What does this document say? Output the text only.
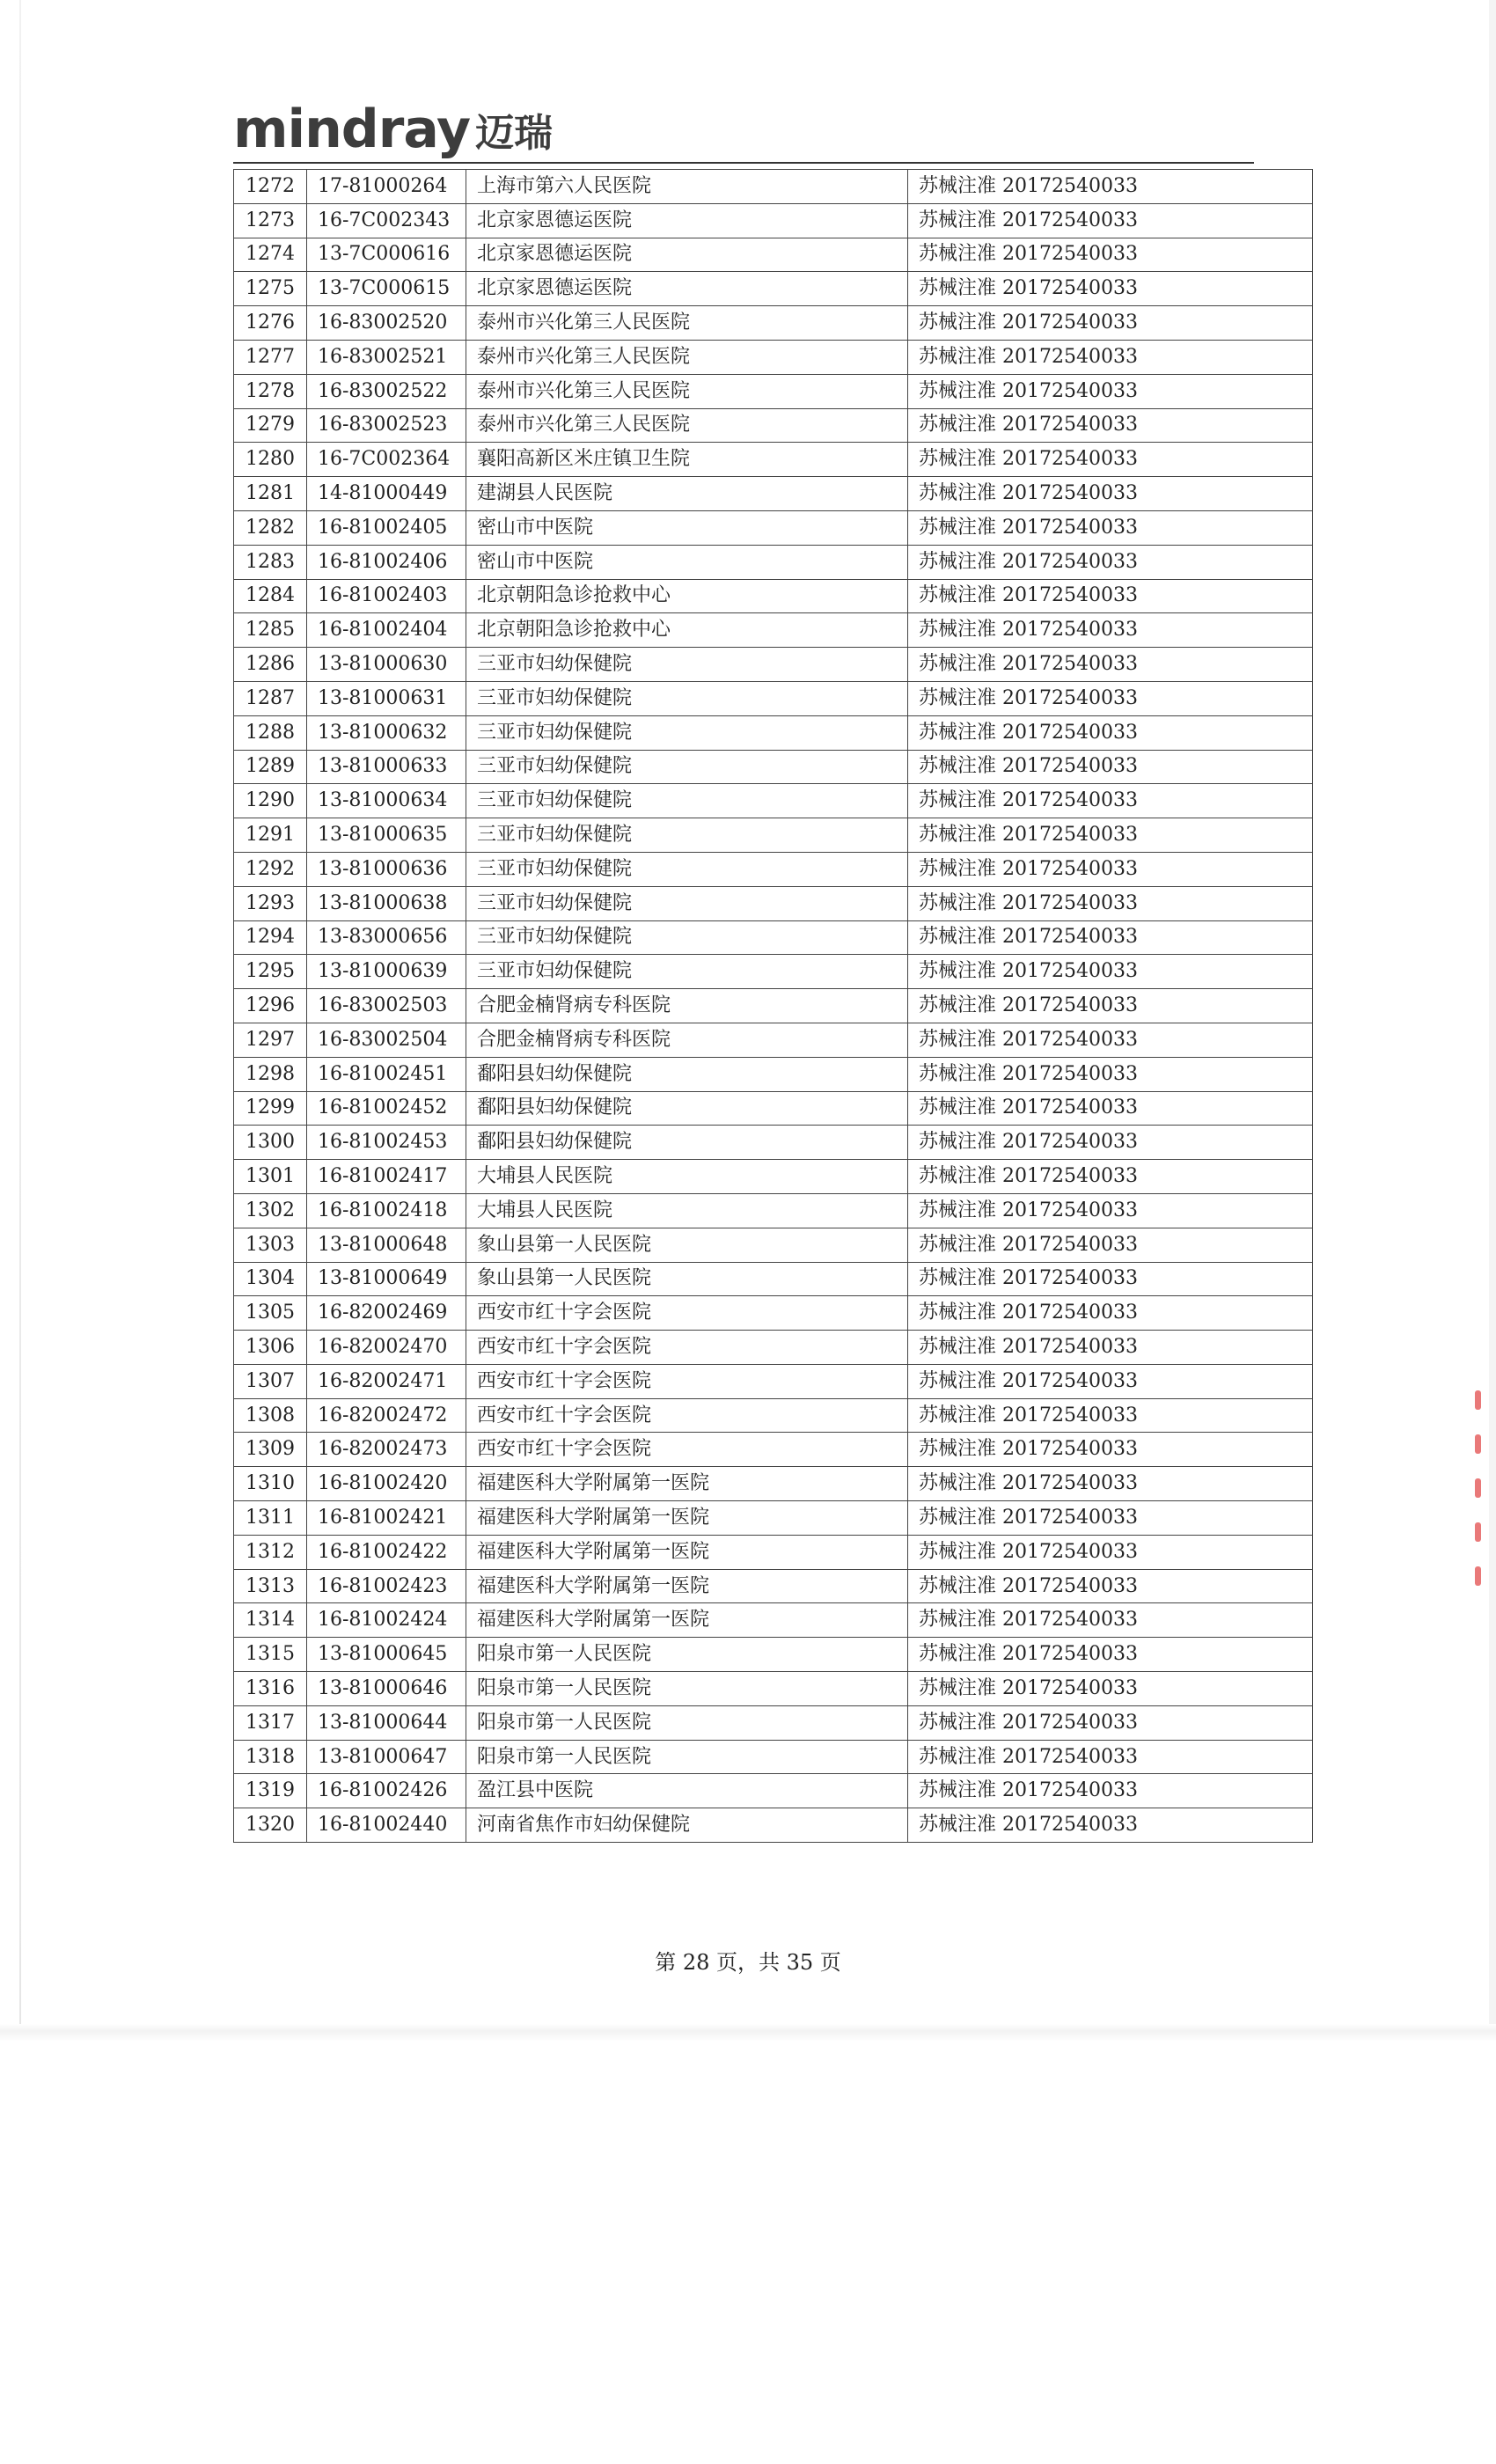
mindray 迈瑞
1272	17-81000264	上海市第六人民医院	苏械注准 20172540033
1273	16-7C002343	北京家恩德运医院	苏械注准 20172540033
1274	13-7C000616	北京家恩德运医院	苏械注准 20172540033
1275	13-7C000615	北京家恩德运医院	苏械注准 20172540033
1276	16-83002520	泰州市兴化第三人民医院	苏械注准 20172540033
1277	16-83002521	泰州市兴化第三人民医院	苏械注准 20172540033
1278	16-83002522	泰州市兴化第三人民医院	苏械注准 20172540033
1279	16-83002523	泰州市兴化第三人民医院	苏械注准 20172540033
1280	16-7C002364	襄阳高新区米庄镇卫生院	苏械注准 20172540033
1281	14-81000449	建湖县人民医院	苏械注准 20172540033
1282	16-81002405	密山市中医院	苏械注准 20172540033
1283	16-81002406	密山市中医院	苏械注准 20172540033
1284	16-81002403	北京朝阳急诊抢救中心	苏械注准 20172540033
1285	16-81002404	北京朝阳急诊抢救中心	苏械注准 20172540033
1286	13-81000630	三亚市妇幼保健院	苏械注准 20172540033
1287	13-81000631	三亚市妇幼保健院	苏械注准 20172540033
1288	13-81000632	三亚市妇幼保健院	苏械注准 20172540033
1289	13-81000633	三亚市妇幼保健院	苏械注准 20172540033
1290	13-81000634	三亚市妇幼保健院	苏械注准 20172540033
1291	13-81000635	三亚市妇幼保健院	苏械注准 20172540033
1292	13-81000636	三亚市妇幼保健院	苏械注准 20172540033
1293	13-81000638	三亚市妇幼保健院	苏械注准 20172540033
1294	13-83000656	三亚市妇幼保健院	苏械注准 20172540033
1295	13-81000639	三亚市妇幼保健院	苏械注准 20172540033
1296	16-83002503	合肥金楠肾病专科医院	苏械注准 20172540033
1297	16-83002504	合肥金楠肾病专科医院	苏械注准 20172540033
1298	16-81002451	鄱阳县妇幼保健院	苏械注准 20172540033
1299	16-81002452	鄱阳县妇幼保健院	苏械注准 20172540033
1300	16-81002453	鄱阳县妇幼保健院	苏械注准 20172540033
1301	16-81002417	大埔县人民医院	苏械注准 20172540033
1302	16-81002418	大埔县人民医院	苏械注准 20172540033
1303	13-81000648	象山县第一人民医院	苏械注准 20172540033
1304	13-81000649	象山县第一人民医院	苏械注准 20172540033
1305	16-82002469	西安市红十字会医院	苏械注准 20172540033
1306	16-82002470	西安市红十字会医院	苏械注准 20172540033
1307	16-82002471	西安市红十字会医院	苏械注准 20172540033
1308	16-82002472	西安市红十字会医院	苏械注准 20172540033
1309	16-82002473	西安市红十字会医院	苏械注准 20172540033
1310	16-81002420	福建医科大学附属第一医院	苏械注准 20172540033
1311	16-81002421	福建医科大学附属第一医院	苏械注准 20172540033
1312	16-81002422	福建医科大学附属第一医院	苏械注准 20172540033
1313	16-81002423	福建医科大学附属第一医院	苏械注准 20172540033
1314	16-81002424	福建医科大学附属第一医院	苏械注准 20172540033
1315	13-81000645	阳泉市第一人民医院	苏械注准 20172540033
1316	13-81000646	阳泉市第一人民医院	苏械注准 20172540033
1317	13-81000644	阳泉市第一人民医院	苏械注准 20172540033
1318	13-81000647	阳泉市第一人民医院	苏械注准 20172540033
1319	16-81002426	盈江县中医院	苏械注准 20172540033
1320	16-81002440	河南省焦作市妇幼保健院	苏械注准 20172540033
第 28 页，共 35 页
